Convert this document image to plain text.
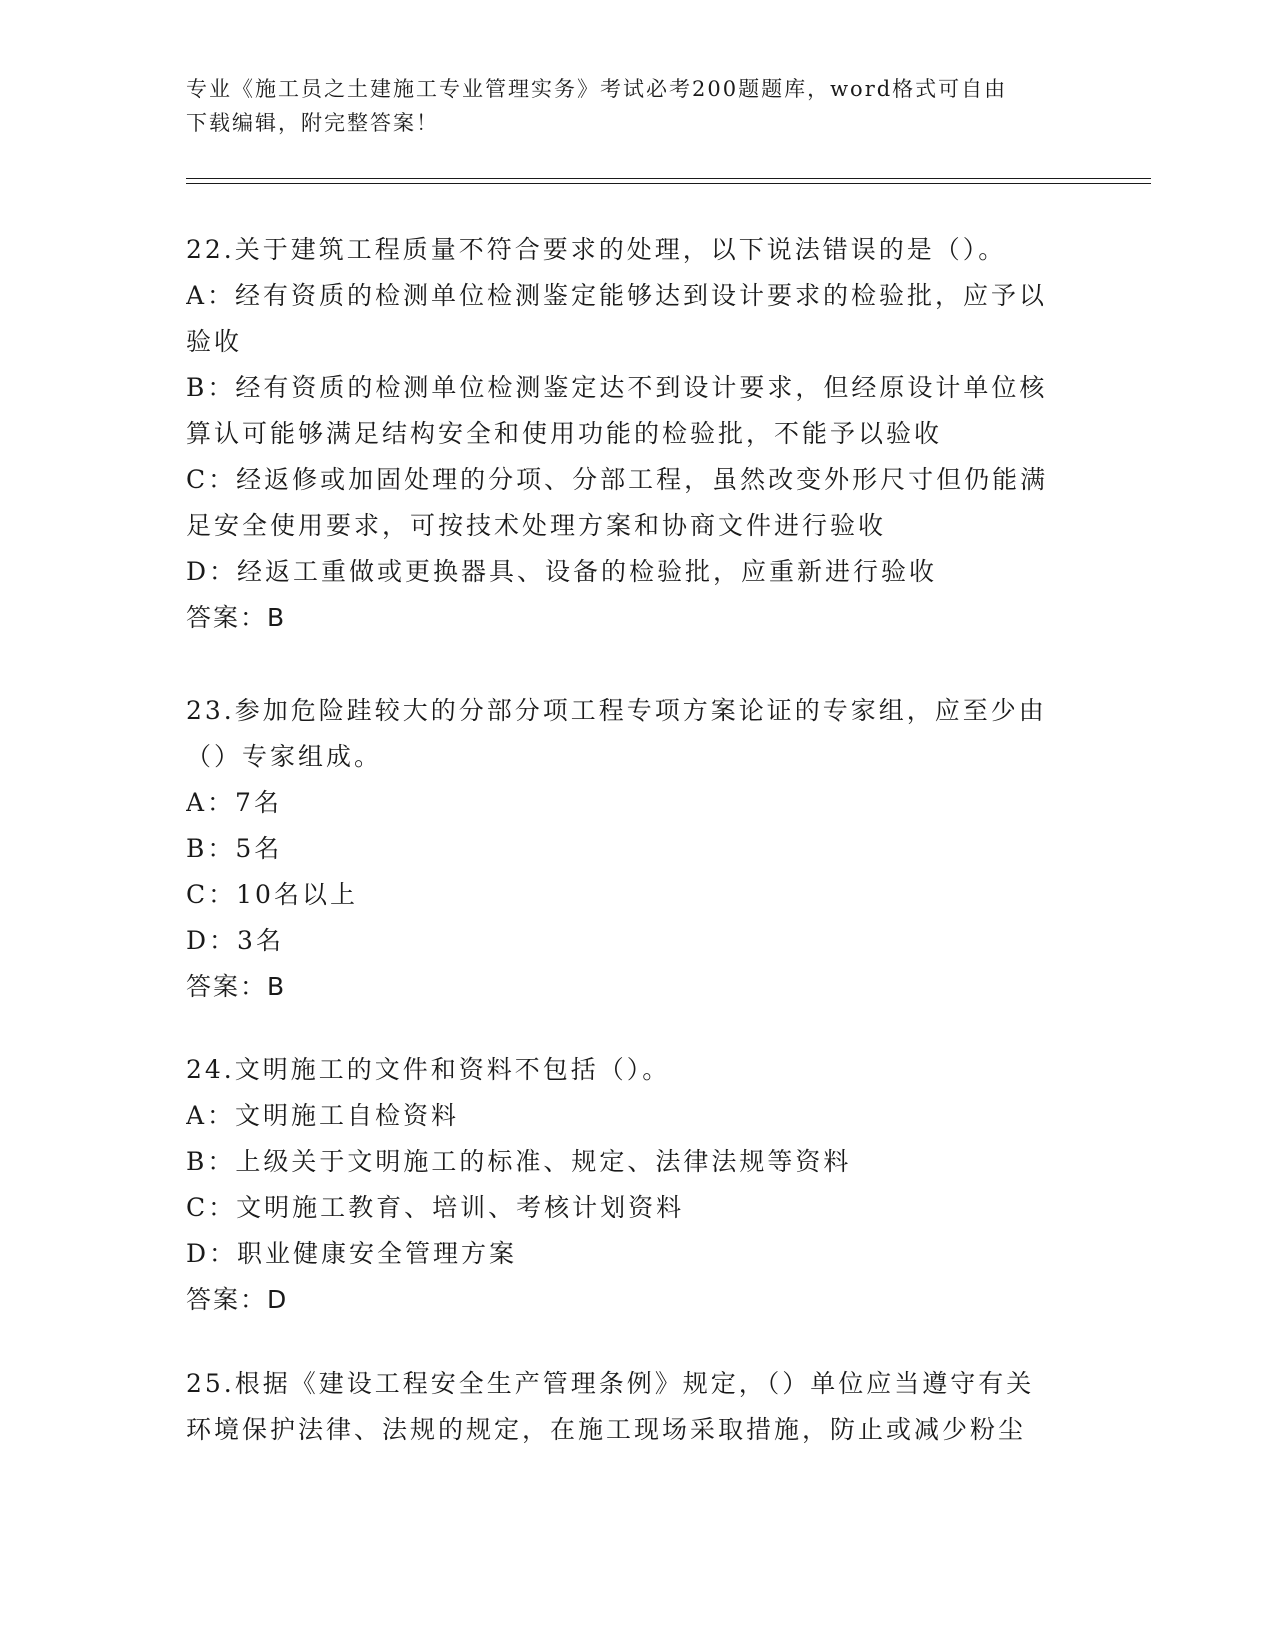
专业《施工员之土建施工专业管理实务》考试必考200题题库，word格式可自由
下载编辑，附完整答案！
22.关于建筑工程质量不符合要求的处理，以下说法错误的是（）。
A：经有资质的检测单位检测鉴定能够达到设计要求的检验批，应予以
验收
B：经有资质的检测单位检测鉴定达不到设计要求，但经原设计单位核
算认可能够满足结构安全和使用功能的检验批，不能予以验收
C：经返修或加固处理的分项、分部工程，虽然改变外形尺寸但仍能满
足安全使用要求，可按技术处理方案和协商文件进行验收
D：经返工重做或更换器具、设备的检验批，应重新进行验收
答案：B
23.参加危险跬较大的分部分项工程专项方案论证的专家组，应至少由
（）专家组成。
A：7名
B：5名
C：10名以上
D：3名
答案：B
24.文明施工的文件和资料不包括（）。
A：文明施工自检资料
B：上级关于文明施工的标准、规定、法律法规等资料
C：文明施工教育、培训、考核计划资料
D：职业健康安全管理方案
答案：D
25.根据《建设工程安全生产管理条例》规定，（）单位应当遵守有关
环境保护法律、法规的规定，在施工现场采取措施，防止或减少粉尘
